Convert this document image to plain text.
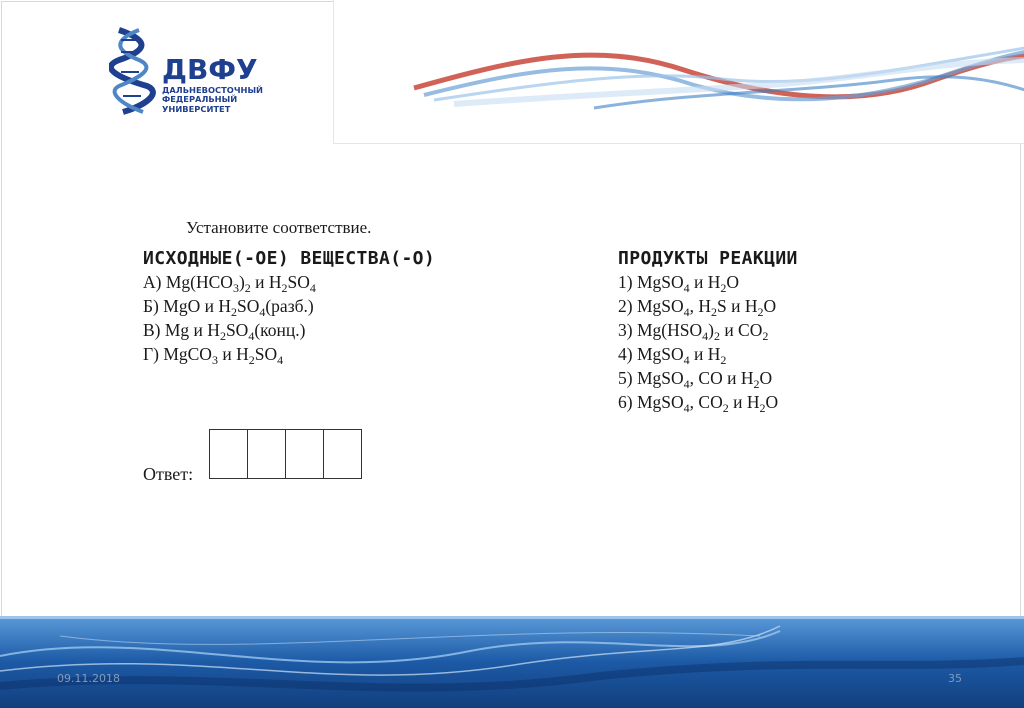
ДВФУ
ДАЛЬНЕВОСТОЧНЫЙ
ФЕДЕРАЛЬНЫЙ
УНИВЕРСИТЕТ
Установите соответствие.
ИСХОДНЫЕ(-ОЕ) ВЕЩЕСТВА(-О)	ПРОДУКТЫ РЕАКЦИИ
А) $Mg(HCO_3)_2$ и $H_2SO_4$
Б) MgO и $H_2SO_4(разб.)$
В) Mg и $H_2SO_4(конц.)$
Г) MgCO$_3$ и $H_2SO_4$
1) MgSO$_4$ и $H_2O$
2) MgSO$_4$, $H_2S$ и $H_2O$
3) $Mg(HSO_4)_2$ и $CO_2$
4) MgSO$_4$ и $H_2$
5) MgSO$_4$, CO и $H_2O$
6) MgSO$_4$, $CO_2$ и $H_2O$
Ответ:
09.11.2018	35
